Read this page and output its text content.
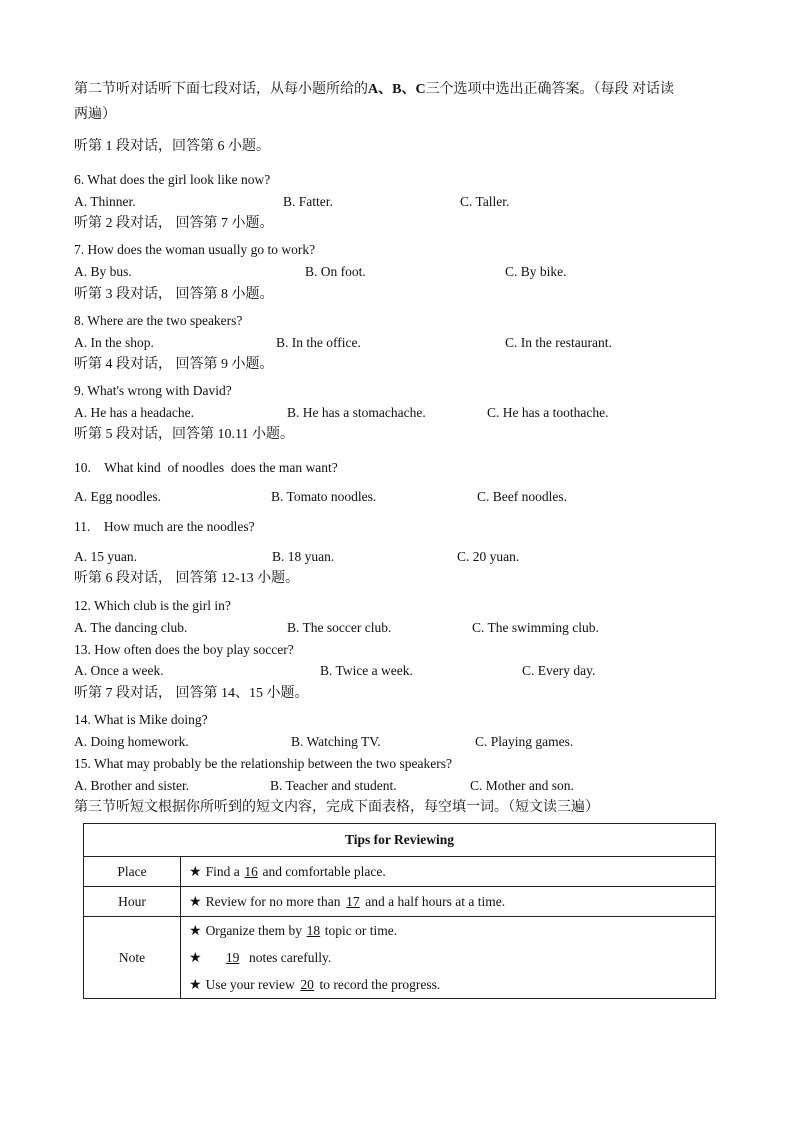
第二节听对话听下面七段对话，从每小题所给的A、B、C三个选项中选出正确答案。（每段 对话读
两遍）
听第 1 段对话，回答第 6 小题。
6. What does the girl look like now?
A. Thinner.	B. Fatter.	C. Taller.
听第 2 段对话， 回答第 7 小题。
7. How does the woman usually go to work?
A. By bus.	B. On foot.	C. By bike.
听第 3 段对话， 回答第 8 小题。
8. Where are the two speakers?
A. In the shop.	B. In the office.	C. In the restaurant.
听第 4 段对话， 回答第 9 小题。
9. What's wrong with David?
A. He has a headache.	B. He has a stomachache.	C. He has a toothache.
听第 5 段对话，回答第 10.11 小题。
10.    What kind  of noodles  does the man want?
A. Egg noodles.	B. Tomato noodles.	C. Beef noodles.
11.    How much are the noodles?
A. 15 yuan.	B. 18 yuan.	C. 20 yuan.
听第 6 段对话， 回答第 12-13 小题。
12. Which club is the girl in?
A. The dancing club.	B. The soccer club.	C. The swimming club.
13. How often does the boy play soccer?
A. Once a week.	B. Twice a week.	C. Every day.
听第 7 段对话， 回答第 14、15 小题。
14. What is Mike doing?
A. Doing homework.	B. Watching TV.	C. Playing games.
15. What may probably be the relationship between the two speakers?
A. Brother and sister.	B. Teacher and student.	C. Mother and son.
第三节听短文根据你所听到的短文内容，完成下面表格，每空填一词。（短文读三遍）
Tips for Reviewing	
Place	★ Find a 16 and comfortable place.
Hour	★ Review for no more than 17 and a half hours at a time.
Note	★ Organize them by 18 topic or time.
★ 19 notes carefully.
★ Use your review 20 to record the progress.
